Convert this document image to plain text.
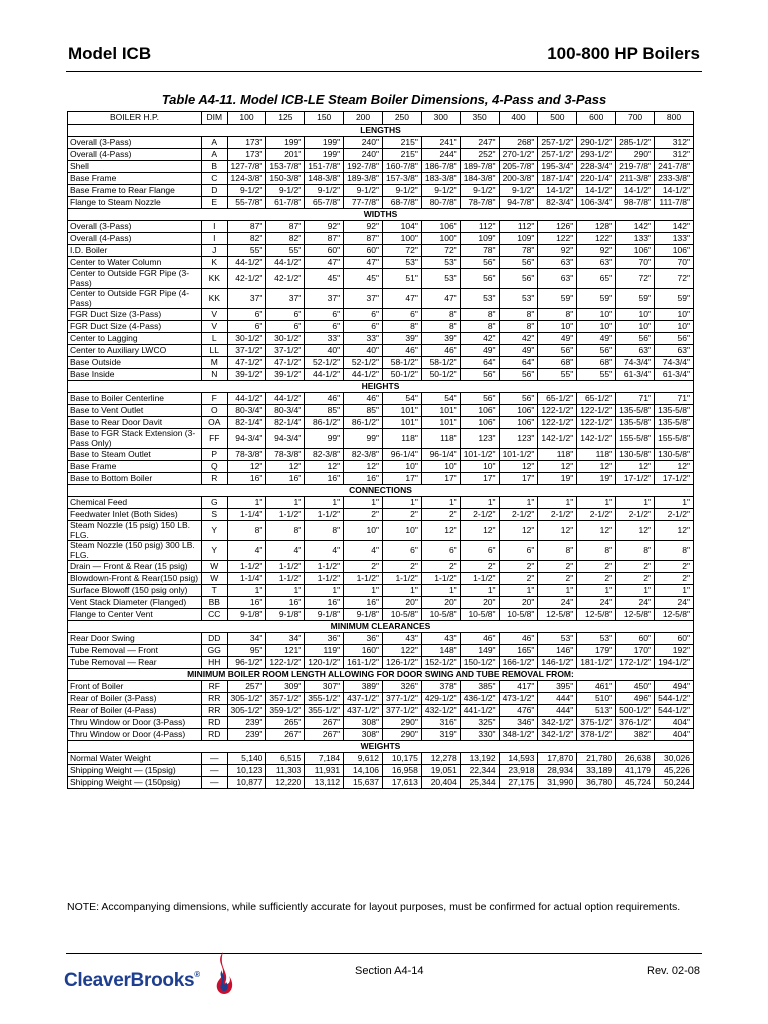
Model ICB	100-800 HP Boilers
Table A4-11. Model ICB-LE Steam Boiler Dimensions, 4-Pass and 3-Pass
BOILER H.P.	DIM	100	125	150	200	250	300	350	400	500	600	700	800
LENGTHS													
Overall (3-Pass)	A	173"	199"	199"	240"	215"	241"	247"	268"	257-1/2"	290-1/2"	285-1/2"	312"
Overall (4-Pass)	A	173"	201"	199"	240"	215"	244"	252"	270-1/2"	257-1/2"	293-1/2"	290"	312"
Shell	B	127-7/8"	153-7/8"	151-7/8"	192-7/8"	160-7/8"	186-7/8"	189-7/8"	205-7/8"	195-3/4"	228-3/4"	219-7/8"	241-7/8"
Base Frame	C	124-3/8"	150-3/8"	148-3/8"	189-3/8"	157-3/8"	183-3/8"	184-3/8"	200-3/8"	187-1/4"	220-1/4"	211-3/8"	233-3/8"
Base Frame to Rear Flange	D	9-1/2"	9-1/2"	9-1/2"	9-1/2"	9-1/2"	9-1/2"	9-1/2"	9-1/2"	14-1/2"	14-1/2"	14-1/2"	14-1/2"
Flange to Steam Nozzle	E	55-7/8"	61-7/8"	65-7/8"	77-7/8"	68-7/8"	80-7/8"	78-7/8"	94-7/8"	82-3/4"	106-3/4"	98-7/8"	111-7/8"
WIDTHS													
Overall (3-Pass)	I	87"	87"	92"	92"	104"	106"	112"	112"	126"	128"	142"	142"
Overall (4-Pass)	I	82"	82"	87"	87"	100"	100"	109"	109"	122"	122"	133"	133"
I.D. Boiler	J	55"	55"	60"	60"	72"	72"	78"	78"	92"	92"	106"	106"
Center to Water Column	K	44-1/2"	44-1/2"	47"	47"	53"	53"	56"	56"	63"	63"	70"	70"
Center to Outside FGR Pipe (3-Pass)	KK	42-1/2"	42-1/2"	45"	45"	51"	53"	56"	56"	63"	65"	72"	72"
Center to Outside FGR Pipe (4-Pass)	KK	37"	37"	37"	37"	47"	47"	53"	53"	59"	59"	59"	59"
FGR Duct Size (3-Pass)	V	6"	6"	6"	6"	6"	8"	8"	8"	8"	10"	10"	10"
FGR Duct Size (4-Pass)	V	6"	6"	6"	6"	8"	8"	8"	8"	10"	10"	10"	10"
Center to Lagging	L	30-1/2"	30-1/2"	33"	33"	39"	39"	42"	42"	49"	49"	56"	56"
Center to Auxiliary LWCO	LL	37-1/2"	37-1/2"	40"	40"	46"	46"	49"	49"	56"	56"	63"	63"
Base Outside	M	47-1/2"	47-1/2"	52-1/2"	52-1/2"	58-1/2"	58-1/2"	64"	64"	68"	68"	74-3/4"	74-3/4"
Base Inside	N	39-1/2"	39-1/2"	44-1/2"	44-1/2"	50-1/2"	50-1/2"	56"	56"	55"	55"	61-3/4"	61-3/4"
HEIGHTS													
Base to Boiler Centerline	F	44-1/2"	44-1/2"	46"	46"	54"	54"	56"	56"	65-1/2"	65-1/2"	71"	71"
Base to Vent Outlet	O	80-3/4"	80-3/4"	85"	85"	101"	101"	106"	106"	122-1/2"	122-1/2"	135-5/8"	135-5/8"
Base to Rear Door Davit	OA	82-1/4"	82-1/4"	86-1/2"	86-1/2"	101"	101"	106"	106"	122-1/2"	122-1/2"	135-5/8"	135-5/8"
Base to FGR Stack Extension (3-Pass Only)	FF	94-3/4"	94-3/4"	99"	99"	118"	118"	123"	123"	142-1/2"	142-1/2"	155-5/8"	155-5/8"
Base to Steam Outlet	P	78-3/8"	78-3/8"	82-3/8"	82-3/8"	96-1/4"	96-1/4"	101-1/2"	101-1/2"	118"	118"	130-5/8"	130-5/8"
Base Frame	Q	12"	12"	12"	12"	10"	10"	10"	12"	12"	12"	12"	12"
Base to Bottom Boiler	R	16"	16"	16"	16"	17"	17"	17"	17"	19"	19"	17-1/2"	17-1/2"
CONNECTIONS													
Chemical Feed	G	1"	1"	1"	1"	1"	1"	1"	1"	1"	1"	1"	1"
Feedwater Inlet (Both Sides)	S	1-1/4"	1-1/2"	1-1/2"	2"	2"	2"	2-1/2"	2-1/2"	2-1/2"	2-1/2"	2-1/2"	2-1/2"
Steam Nozzle (15 psig) 150 LB. FLG.	Y	8"	8"	8"	10"	10"	12"	12"	12"	12"	12"	12"	12"
Steam Nozzle (150 psig) 300 LB. FLG.	Y	4"	4"	4"	4"	6"	6"	6"	6"	8"	8"	8"	8"
Drain — Front & Rear (15 psig)	W	1-1/2"	1-1/2"	1-1/2"	2"	2"	2"	2"	2"	2"	2"	2"	2"
Blowdown-Front & Rear(150 psig)	W	1-1/4"	1-1/2"	1-1/2"	1-1/2"	1-1/2"	1-1/2"	1-1/2"	2"	2"	2"	2"	2"
Surface Blowoff (150 psig only)	T	1"	1"	1"	1"	1"	1"	1"	1"	1"	1"	1"	1"
Vent Stack Diameter (Flanged)	BB	16"	16"	16"	16"	20"	20"	20"	20"	24"	24"	24"	24"
Flange to Center Vent	CC	9-1/8"	9-1/8"	9-1/8"	9-1/8"	10-5/8"	10-5/8"	10-5/8"	10-5/8"	12-5/8"	12-5/8"	12-5/8"	12-5/8"
MINIMUM CLEARANCES													
Rear Door Swing	DD	34"	34"	36"	36"	43"	43"	46"	46"	53"	53"	60"	60"
Tube Removal — Front	GG	95"	121"	119"	160"	122"	148"	149"	165"	146"	179"	170"	192"
Tube Removal — Rear	HH	96-1/2"	122-1/2"	120-1/2"	161-1/2"	126-1/2"	152-1/2"	150-1/2"	166-1/2"	146-1/2"	181-1/2"	172-1/2"	194-1/2"
MINIMUM BOILER ROOM LENGTH ALLOWING FOR DOOR SWING AND TUBE REMOVAL FROM:													
Front of Boiler	RF	257"	309"	307"	389"	326"	378"	385"	417"	395"	461"	450"	494"
Rear of Boiler (3-Pass)	RR	305-1/2"	357-1/2"	355-1/2"	437-1/2"	377-1/2"	429-1/2"	436-1/2"	473-1/2"	444"	510"	496"	544-1/2"
Rear of Boiler (4-Pass)	RR	305-1/2"	359-1/2"	355-1/2"	437-1/2"	377-1/2"	432-1/2"	441-1/2"	476"	444"	513"	500-1/2"	544-1/2"
Thru Window or Door (3-Pass)	RD	239"	265"	267"	308"	290"	316"	325"	346"	342-1/2"	375-1/2"	376-1/2"	404"
Thru Window or Door (4-Pass)	RD	239"	267"	267"	308"	290"	319"	330"	348-1/2"	342-1/2"	378-1/2"	382"	404"
WEIGHTS													
Normal Water Weight	—	5,140	6,515	7,184	9,612	10,175	12,278	13,192	14,593	17,870	21,780	26,638	30,026
Shipping Weight — (15psig)	—	10,123	11,303	11,931	14,106	16,958	19,051	22,344	23,918	28,934	33,189	41,179	45,226
Shipping Weight — (150psig)	—	10,877	12,220	13,112	15,637	17,613	20,404	25,344	27,175	31,990	36,780	45,724	50,244
NOTE: Accompanying dimensions, while sufficiently accurate for layout purposes, must be confirmed for actual option requirements.
CleaverBrooks®	Section A4-14	Rev. 02-08
